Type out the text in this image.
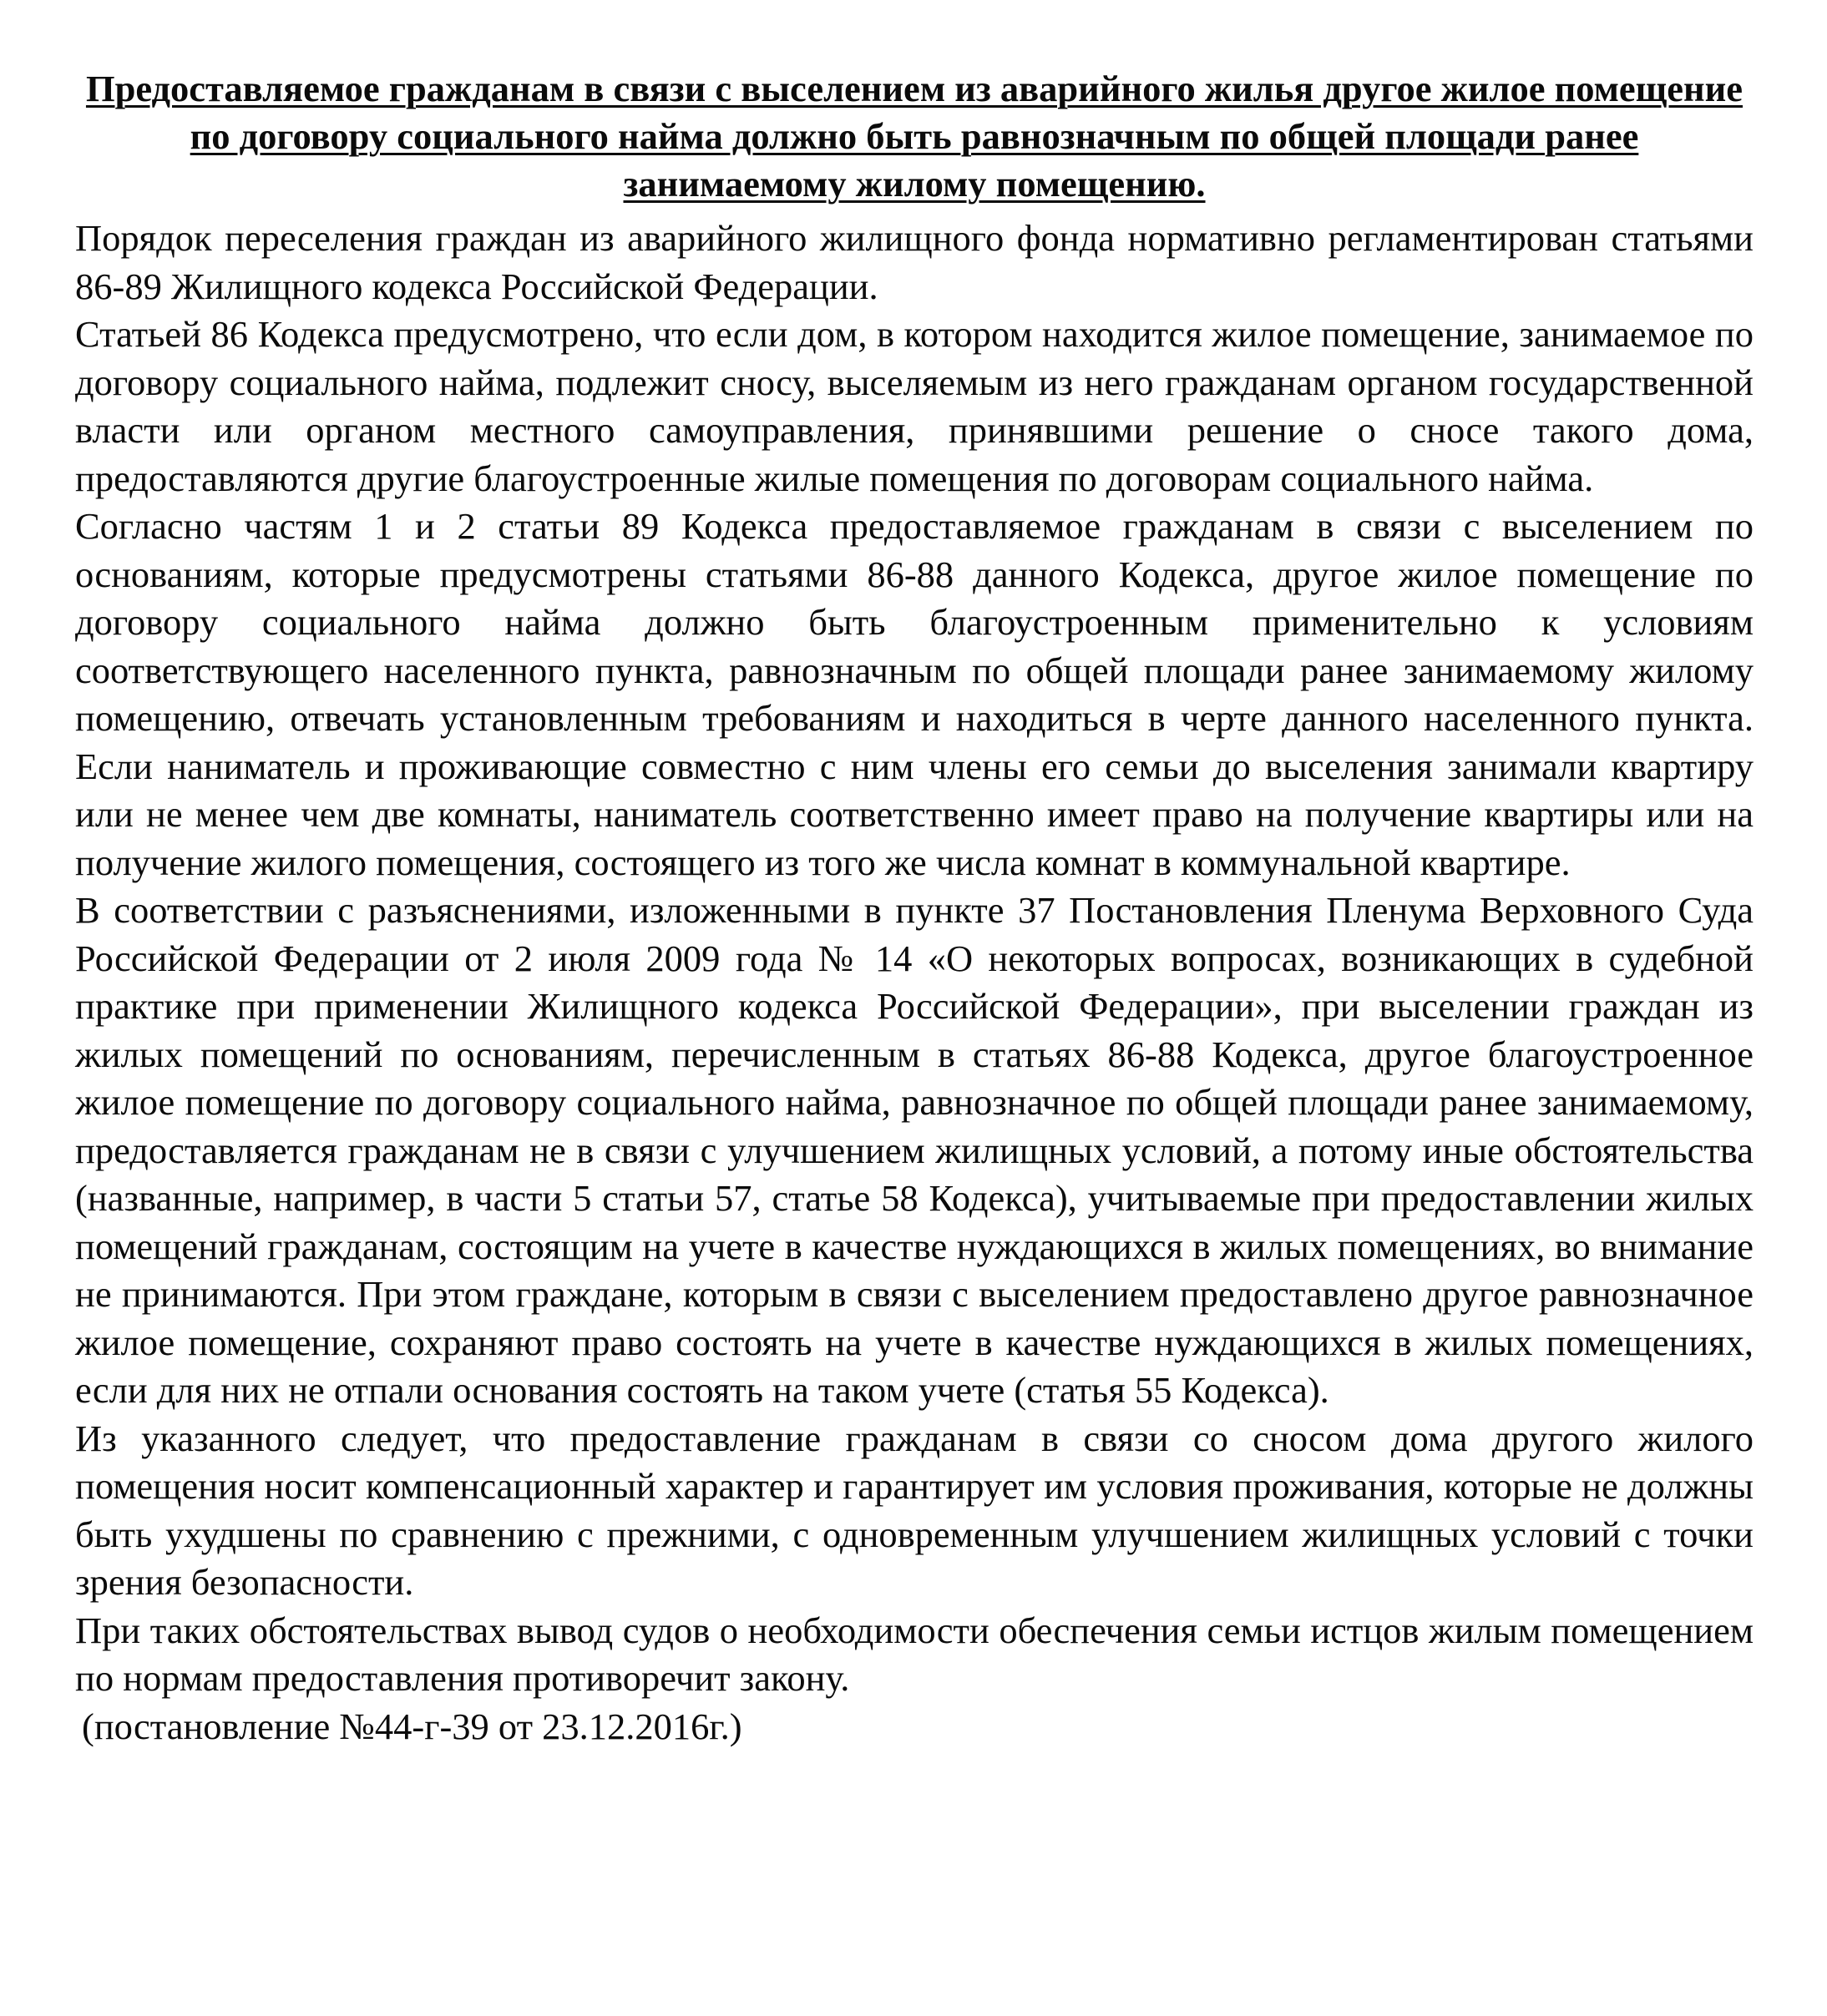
Предоставляемое гражданам в связи с выселением из аварийного жилья другое жилое помещение по договору социального найма должно быть равнозначным по общей площади ранее занимаемому жилому помещению.

Порядок переселения граждан из аварийного жилищного фонда нормативно регламентирован статьями 86-89 Жилищного кодекса Российской Федерации.

Статьей 86 Кодекса предусмотрено, что если дом, в котором находится жилое помещение, занимаемое по договору социального найма, подлежит сносу, выселяемым из него гражданам органом государственной власти или органом местного самоуправления, принявшими решение о сносе такого дома, предоставляются другие благоустроенные жилые помещения по договорам социального найма.

Согласно частям 1 и 2 статьи 89 Кодекса предоставляемое гражданам в связи с выселением по основаниям, которые предусмотрены статьями 86-88 данного Кодекса, другое жилое помещение по договору социального найма должно быть благоустроенным применительно к условиям соответствующего населенного пункта, равнозначным по общей площади ранее занимаемому жилому помещению, отвечать установленным требованиям и находиться в черте данного населенного пункта. Если наниматель и проживающие совместно с ним члены его семьи до выселения занимали квартиру или не менее чем две комнаты, наниматель соответственно имеет право на получение квартиры или на получение жилого помещения, состоящего из того же числа комнат в коммунальной квартире.

В соответствии с разъяснениями, изложенными в пункте 37 Постановления Пленума Верховного Суда Российской Федерации от 2 июля 2009 года № 14 «О некоторых вопросах, возникающих в судебной практике при применении Жилищного кодекса Российской Федерации», при выселении граждан из жилых помещений по основаниям, перечисленным в статьях 86-88 Кодекса, другое благоустроенное жилое помещение по договору социального найма, равнозначное по общей площади ранее занимаемому, предоставляется гражданам не в связи с улучшением жилищных условий, а потому иные обстоятельства (названные, например, в части 5 статьи 57, статье 58 Кодекса), учитываемые при предоставлении жилых помещений гражданам, состоящим на учете в качестве нуждающихся в жилых помещениях, во внимание не принимаются. При этом граждане, которым в связи с выселением предоставлено другое равнозначное жилое помещение, сохраняют право состоять на учете в качестве нуждающихся в жилых помещениях, если для них не отпали основания состоять на таком учете (статья 55 Кодекса).

Из указанного следует, что предоставление гражданам в связи со сносом дома другого жилого помещения носит компенсационный характер и гарантирует им условия проживания, которые не должны быть ухудшены по сравнению с прежними, с одновременным улучшением жилищных условий с точки зрения безопасности.

При таких обстоятельствах вывод судов о необходимости обеспечения семьи истцов жилым помещением по нормам предоставления противоречит закону.

(постановление №44-г-39 от 23.12.2016г.)
